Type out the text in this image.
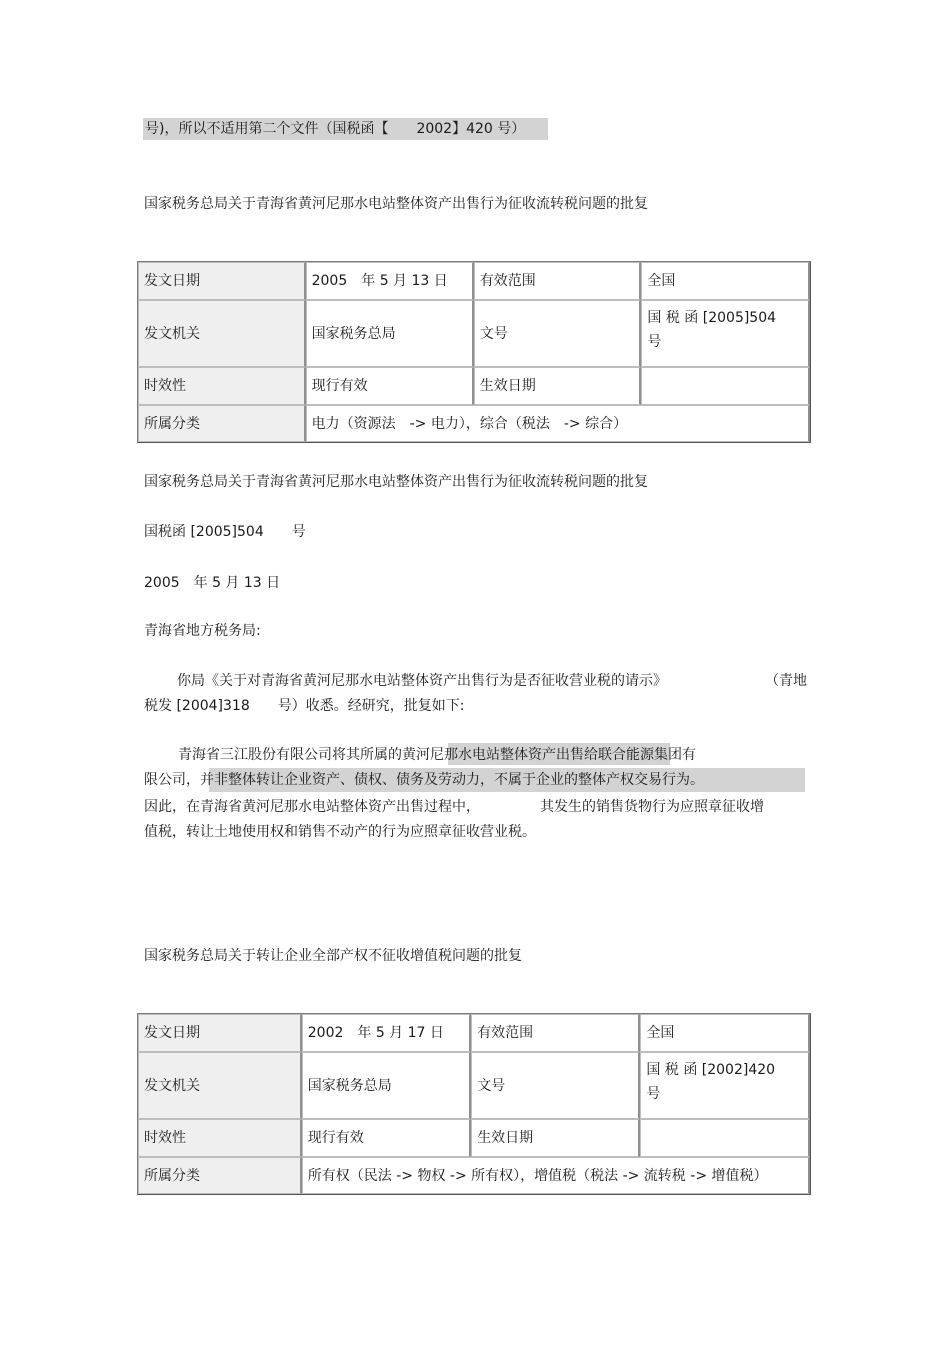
号)，所以不适用第二个文件（国税函【　　2002】420 号）
国家税务总局关于青海省黄河尼那水电站整体资产出售行为征收流转税问题的批复
发文日期	2005　年 5 月 13 日	有效范围	全国
发文机关	国家税务总局	文号	国 税 函 [2005]504
号

时效性	现行有效	生效日期	
所属分类	电力（资源法　-> 电力），综合（税法　-> 综合）		
国家税务总局关于青海省黄河尼那水电站整体资产出售行为征收流转税问题的批复
国税函 [2005]504　　号
2005　年 5 月 13 日
青海省地方税务局:
你局《关于对青海省黄河尼那水电站整体资产出售行为是否征收营业税的请示》	（青地
税发 [2004]318　　号）收悉。经研究，批复如下:
青海省三江股份有限公司将其所属的黄河尼那水电站整体资产出售给联合能源集团有
限公司，并非整体转让企业资产、债权、债务及劳动力，不属于企业的整体产权交易行为。
因此，在青海省黄河尼那水电站整体资产出售过程中，	其发生的销售货物行为应照章征收增
值税，转让土地使用权和销售不动产的行为应照章征收营业税。
国家税务总局关于转让企业全部产权不征收增值税问题的批复
发文日期	2002　年 5 月 17 日	有效范围	全国
发文机关	国家税务总局	文号	国 税 函 [2002]420
号

时效性	现行有效	生效日期	
所属分类	所有权（民法 -> 物权 -> 所有权），增值税（税法 -> 流转税 -> 增值税）		
